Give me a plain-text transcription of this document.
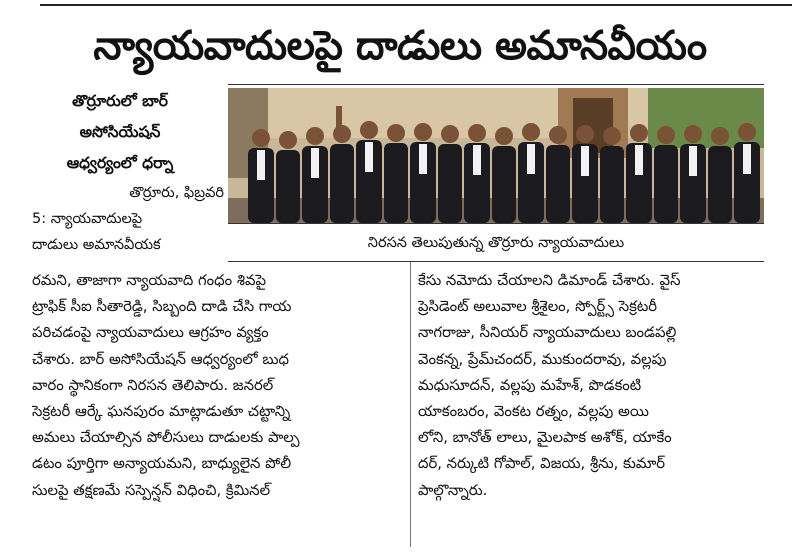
న్యాయవాదులపై దాడులు అమానవీయం
తొర్రూరులో బార్
అసోసియేషన్
ఆధ్వర్యంలో ధర్నా
నిరసన తెలుపుతున్న తొర్రూరు న్యాయవాదులు
తొర్రూరు, ఫిబ్రవరి
5: న్యాయవాదులపై
దాడులు అమానవీయక
రమని, తాజాగా న్యాయవాది గంధం శివపై
ట్రాఫిక్ సీఐ సీతారెడ్డి, సిబ్బంది దాడి చేసి గాయ
పరిచడంపై న్యాయవాదులు ఆగ్రహం వ్యక్తం
చేశారు. బార్ అసోసియేషన్ ఆధ్వర్యంలో బుధ
వారం స్థానికంగా నిరసన తెలిపారు. జనరల్
సెక్రటరీ ఆర్కే ఘనపురం మాట్లాడుతూ చట్టాన్ని
అమలు చేయాల్సిన పోలీసులు దాడులకు పాల్ప
డటం పూర్తిగా అన్యాయమని, బాధ్యులైన పోలీ
సులపై తక్షణమే సస్పెన్షన్ విధించి, క్రిమినల్
కేసు నమోదు చేయాలని డిమాండ్ చేశారు. వైస్
ప్రెసిడెంట్ అలువాల శ్రీశైలం, స్పోర్ట్స్ సెక్రటరీ
నాగరాజు, సీనియర్ న్యాయవాదులు బండపల్లి
వెంకన్న, ప్రేమ్‌చందర్, ముకుందరావు, వల్లపు
మధుసూదన్, వల్లపు మహేశ్, పొడకంటి
యాకంబరం, వెంకట రత్నం, వల్లపు అయి
లోని, బానోత్ లాలు, మైలపాక అశోక్, యాకేం
దర్, నర్కుటి గోపాల్, విజయ, శ్రీను, కుమార్
పాల్గొన్నారు.
